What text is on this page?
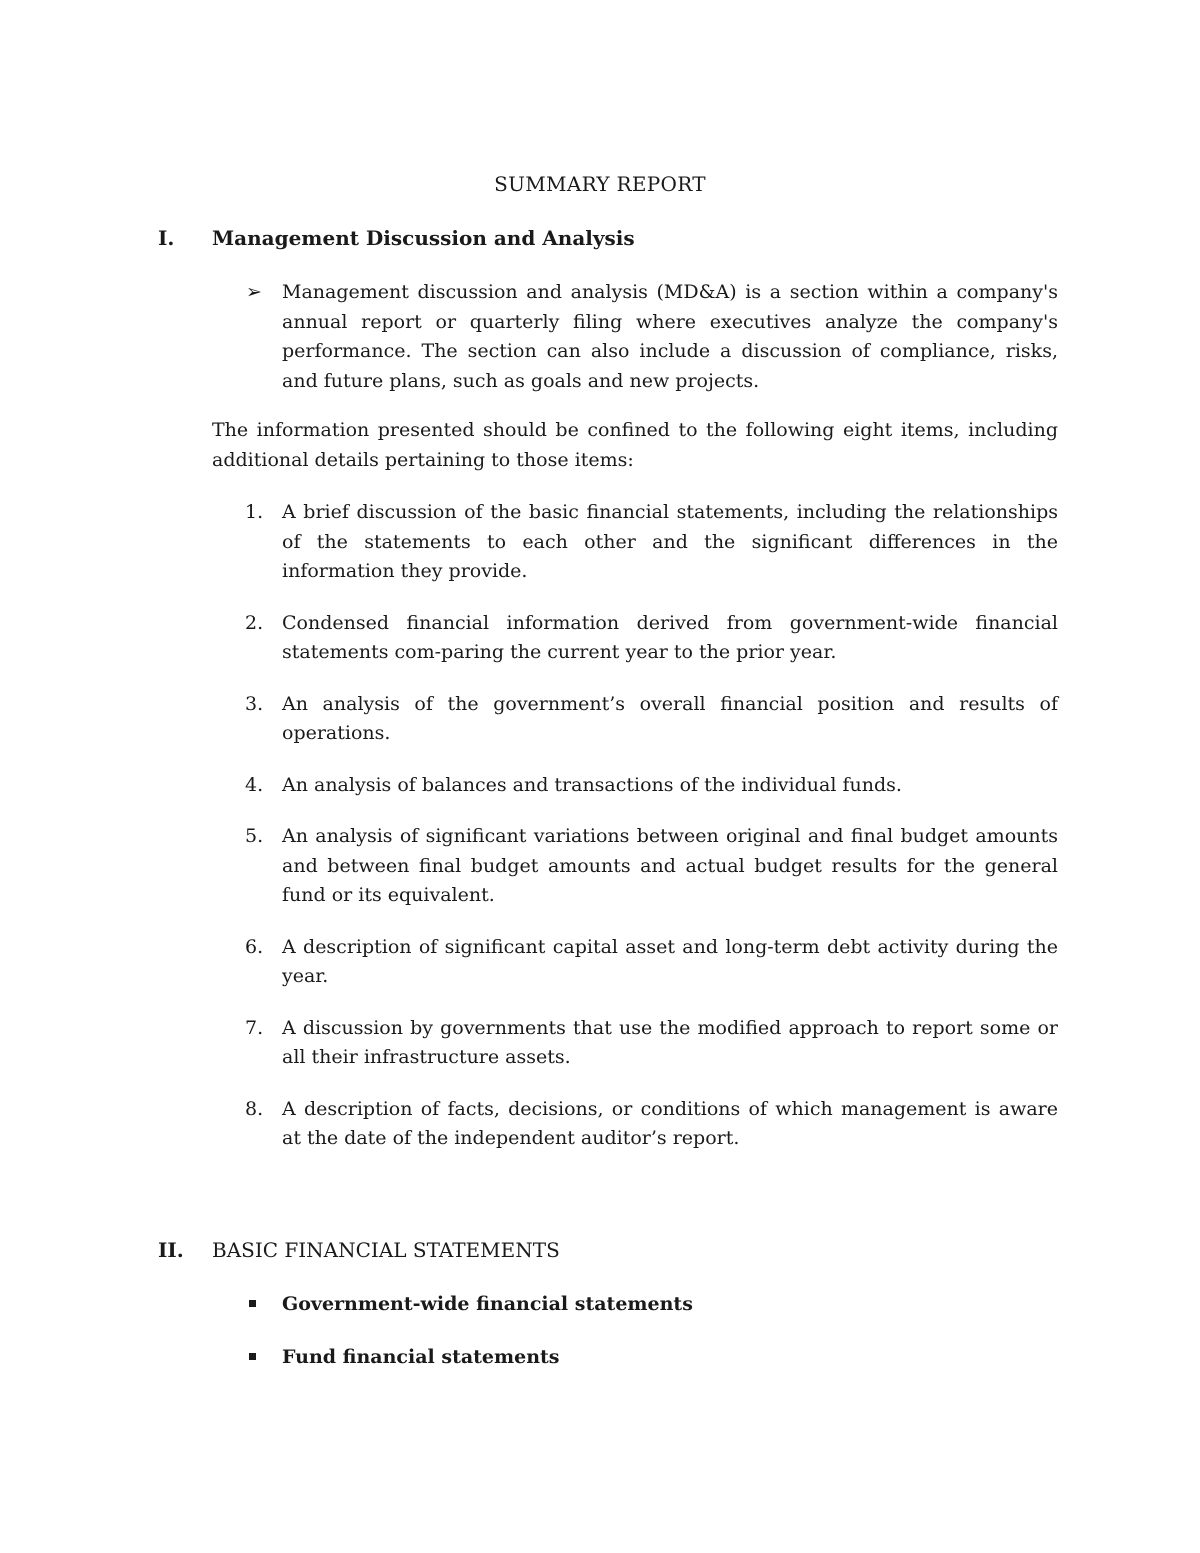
SUMMARY REPORT
I. Management Discussion and Analysis
➢ Management discussion and analysis (MD&A) is a section within a company's annual report or quarterly filing where executives analyze the company's performance. The section can also include a discussion of compliance, risks, and future plans, such as goals and new projects.
The information presented should be confined to the following eight items, including additional details pertaining to those items:
1. A brief discussion of the basic financial statements, including the relationships of the statements to each other and the significant differences in the information they provide.
2. Condensed financial information derived from government-wide financial statements com-paring the current year to the prior year.
3. An analysis of the government’s overall financial position and results of operations.
4. An analysis of balances and transactions of the individual funds.
5. An analysis of significant variations between original and final budget amounts and between final budget amounts and actual budget results for the general fund or its equivalent.
6. A description of significant capital asset and long-term debt activity during the year.
7. A discussion by governments that use the modified approach to report some or all their infrastructure assets.
8. A description of facts, decisions, or conditions of which management is aware at the date of the independent auditor’s report.
II. BASIC FINANCIAL STATEMENTS
Government-wide financial statements
Fund financial statements
